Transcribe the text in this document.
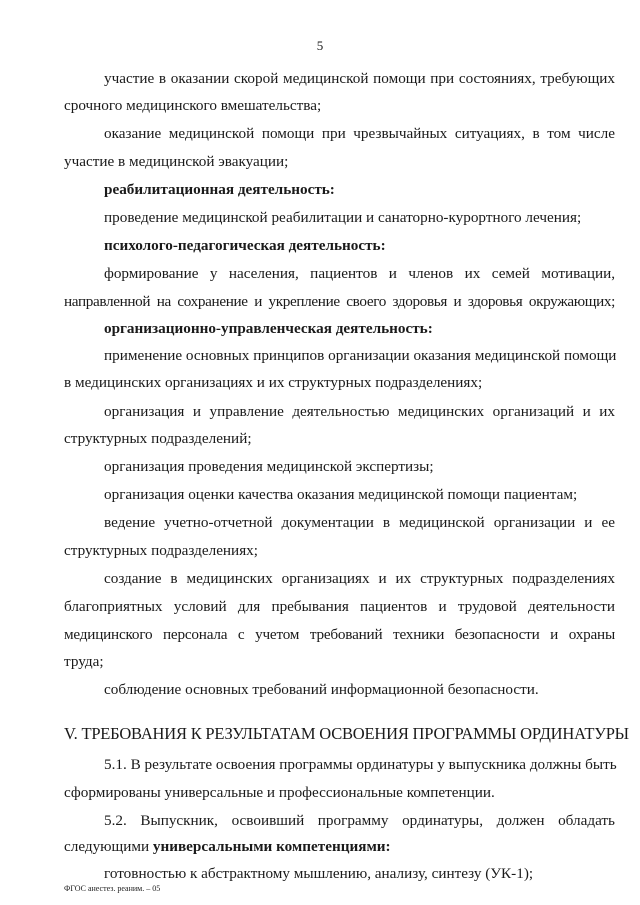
5
участие в оказании скорой медицинской помощи при состояниях, требующих
срочного медицинского вмешательства;
оказание медицинской помощи при чрезвычайных ситуациях, в том числе
участие в медицинской эвакуации;
реабилитационная деятельность:
проведение медицинской реабилитации и санаторно-курортного лечения;
психолого-педагогическая деятельность:
формирование у населения, пациентов и членов их семей мотивации,
направленной на сохранение и укрепление своего здоровья и здоровья окружающих;
организационно-управленческая деятельность:
применение основных принципов организации оказания медицинской помощи
в медицинских организациях и их структурных подразделениях;
организация и управление деятельностью медицинских организаций и их
структурных подразделений;
организация проведения медицинской экспертизы;
организация оценки качества оказания медицинской помощи пациентам;
ведение учетно-отчетной документации в медицинской организации и ее
структурных подразделениях;
создание в медицинских организациях и их структурных подразделениях
благоприятных условий для пребывания пациентов и трудовой деятельности
медицинского персонала с учетом требований техники безопасности и охраны
труда;
соблюдение основных требований информационной безопасности.
V. ТРЕБОВАНИЯ К РЕЗУЛЬТАТАМ ОСВОЕНИЯ ПРОГРАММЫ ОРДИНАТУРЫ
5.1. В результате освоения программы ординатуры у выпускника должны быть
сформированы универсальные и профессиональные компетенции.
5.2. Выпускник, освоивший программу ординатуры, должен обладать
следующими универсальными компетенциями:
готовностью к абстрактному мышлению, анализу, синтезу (УК-1);
ФГОС анестез. реаним. – 05
